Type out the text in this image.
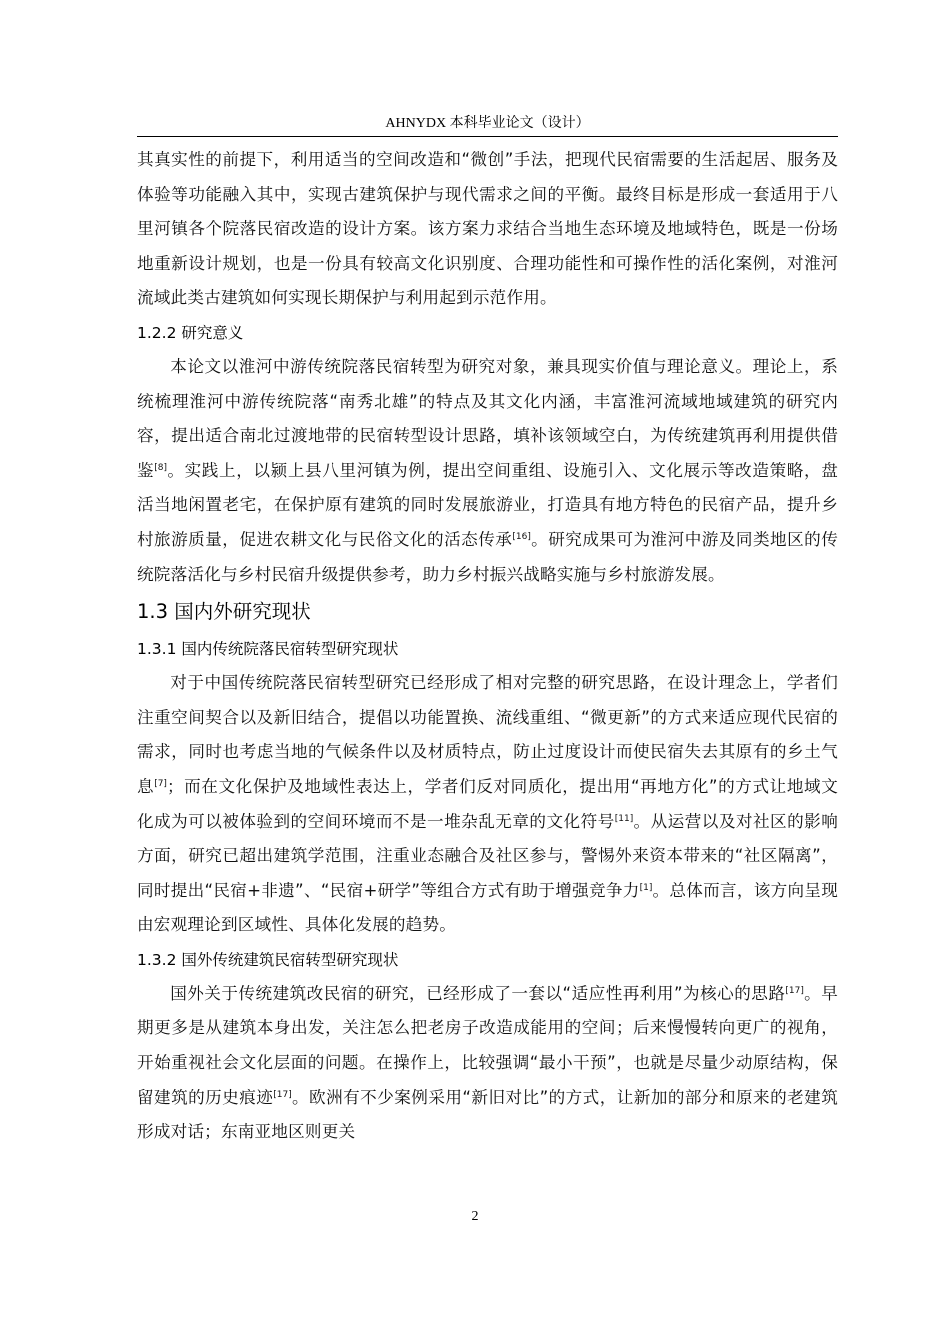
AHNYDX 本科毕业论文（设计）

其真实性的前提下，利用适当的空间改造和“微创”手法，把现代民宿需要的生活起居、服务及体验等功能融入其中，实现古建筑保护与现代需求之间的平衡。最终目标是形成一套适用于八里河镇各个院落民宿改造的设计方案。该方案力求结合当地生态环境及地域特色，既是一份场地重新设计规划，也是一份具有较高文化识别度、合理功能性和可操作性的活化案例，对淮河流域此类古建筑如何实现长期保护与利用起到示范作用。

1.2.2 研究意义

本论文以淮河中游传统院落民宿转型为研究对象，兼具现实价值与理论意义。理论上，系统梳理淮河中游传统院落“南秀北雄”的特点及其文化内涵，丰富淮河流域地域建筑的研究内容，提出适合南北过渡地带的民宿转型设计思路，填补该领域空白，为传统建筑再利用提供借鉴[8]。实践上，以颍上县八里河镇为例，提出空间重组、设施引入、文化展示等改造策略，盘活当地闲置老宅，在保护原有建筑的同时发展旅游业，打造具有地方特色的民宿产品，提升乡村旅游质量，促进农耕文化与民俗文化的活态传承[16]。研究成果可为淮河中游及同类地区的传统院落活化与乡村民宿升级提供参考，助力乡村振兴战略实施与乡村旅游发展。

1.3 国内外研究现状
1.3.1 国内传统院落民宿转型研究现状

对于中国传统院落民宿转型研究已经形成了相对完整的研究思路，在设计理念上，学者们注重空间契合以及新旧结合，提倡以功能置换、流线重组、“微更新”的方式来适应现代民宿的需求，同时也考虑当地的气候条件以及材质特点，防止过度设计而使民宿失去其原有的乡土气息[7]；而在文化保护及地域性表达上，学者们反对同质化，提出用“再地方化”的方式让地域文化成为可以被体验到的空间环境而不是一堆杂乱无章的文化符号[11]。从运营以及对社区的影响方面，研究已超出建筑学范围，注重业态融合及社区参与，警惕外来资本带来的“社区隔离”，同时提出“民宿+非遗”、“民宿+研学”等组合方式有助于增强竞争力[1]。总体而言，该方向呈现由宏观理论到区域性、具体化发展的趋势。

1.3.2 国外传统建筑民宿转型研究现状

国外关于传统建筑改民宿的研究，已经形成了一套以“适应性再利用”为核心的思路[17]。早期更多是从建筑本身出发，关注怎么把老房子改造成能用的空间；后来慢慢转向更广的视角，开始重视社会文化层面的问题。在操作上，比较强调“最小干预”，也就是尽量少动原结构，保留建筑的历史痕迹[17]。欧洲有不少案例采用“新旧对比”的方式，让新加的部分和原来的老建筑形成对话；东南亚地区则更关

2
